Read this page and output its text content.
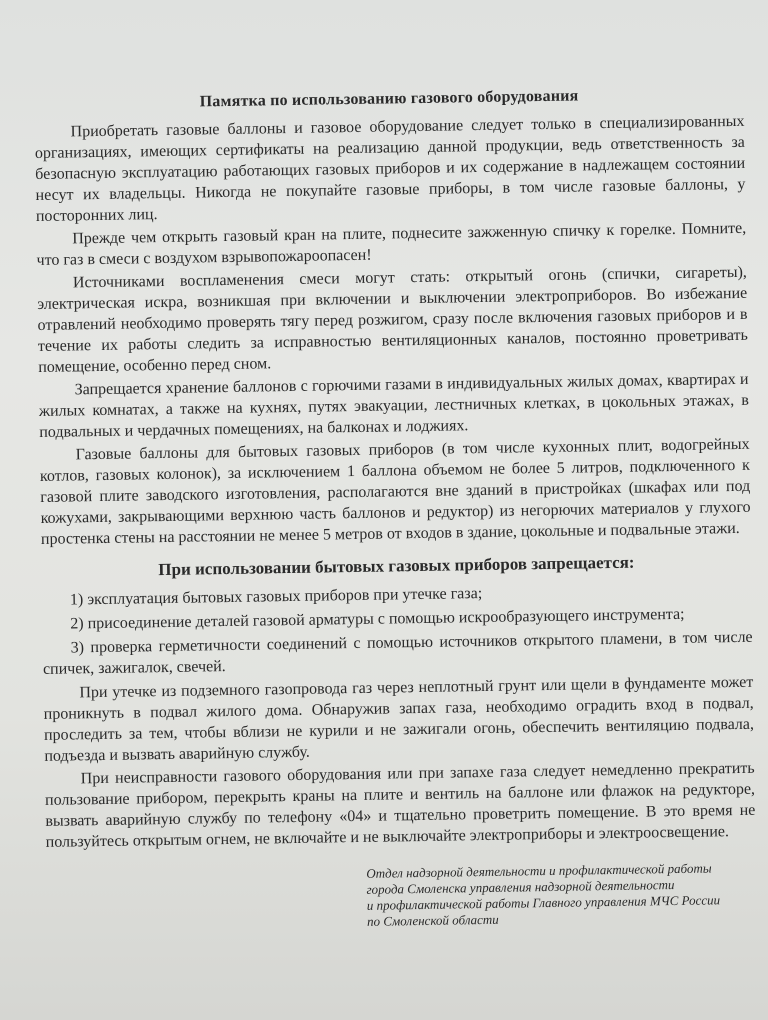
Памятка по использованию газового оборудования
Приобретать газовые баллоны и газовое оборудование следует только в специализированных организациях, имеющих сертификаты на реализацию данной продукции, ведь ответственность за безопасную эксплуатацию работающих газовых приборов и их содержание в надлежащем состоянии несут их владельцы. Никогда не покупайте газовые приборы, в том числе газовые баллоны, у посторонних лиц.
Прежде чем открыть газовый кран на плите, поднесите зажженную спичку к горелке. Помните, что газ в смеси с воздухом взрывопожароопасен!
Источниками воспламенения смеси могут стать: открытый огонь (спички, сигареты), электрическая искра, возникшая при включении и выключении электроприборов. Во избежание отравлений необходимо проверять тягу перед розжигом, сразу после включения газовых приборов и в течение их работы следить за исправностью вентиляционных каналов, постоянно проветривать помещение, особенно перед сном.
Запрещается хранение баллонов с горючими газами в индивидуальных жилых домах, квартирах и жилых комнатах, а также на кухнях, путях эвакуации, лестничных клетках, в цокольных этажах, в подвальных и чердачных помещениях, на балконах и лоджиях.
Газовые баллоны для бытовых газовых приборов (в том числе кухонных плит, водогрейных котлов, газовых колонок), за исключением 1 баллона объемом не более 5 литров, подключенного к газовой плите заводского изготовления, располагаются вне зданий в пристройках (шкафах или под кожухами, закрывающими верхнюю часть баллонов и редуктор) из негорючих материалов у глухого простенка стены на расстоянии не менее 5 метров от входов в здание, цокольные и подвальные этажи.
При использовании бытовых газовых приборов запрещается:
1) эксплуатация бытовых газовых приборов при утечке газа;
2) присоединение деталей газовой арматуры с помощью искрообразующего инструмента;
3) проверка герметичности соединений с помощью источников открытого пламени, в том числе спичек, зажигалок, свечей.
При утечке из подземного газопровода газ через неплотный грунт или щели в фундаменте может проникнуть в подвал жилого дома. Обнаружив запах газа, необходимо оградить вход в подвал, проследить за тем, чтобы вблизи не курили и не зажигали огонь, обеспечить вентиляцию подвала, подъезда и вызвать аварийную службу.
При неисправности газового оборудования или при запахе газа следует немедленно прекратить пользование прибором, перекрыть краны на плите и вентиль на баллоне или флажок на редукторе, вызвать аварийную службу по телефону «04» и тщательно проветрить помещение. В это время не пользуйтесь открытым огнем, не включайте и не выключайте электроприборы и электроосвещение.
Отдел надзорной деятельности и профилактической работы
города Смоленска управления надзорной деятельности
и профилактической работы Главного управления МЧС России
по Смоленской области
